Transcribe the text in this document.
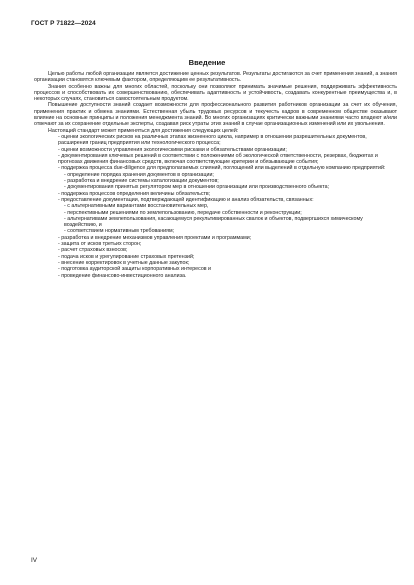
ГОСТ Р 71822—2024
Введение

Целью работы любой организации является достижение ценных результатов. Результаты достигаются за счет применения знаний, а знания организации становятся ключевым фактором, определяющим ее результативность.

Знания особенно важны для многих областей, поскольку они позволяют принимать значимые решения, поддерживать эффективность процессов и способствовать их совершенствованию, обеспечивать адаптивность и устойчивость, создавать конкурентные преимущества и, в некоторых случаях, становиться самостоятельным продуктом.

Повышение доступности знаний создает возможности для профессионального развития работников организации за счет их обучения, применения практик и обмена знаниями. Естественная убыль трудовых ресурсов и текучесть кадров в современном обществе оказывают влияние на основные принципы и положения менеджмента знаний. Во многих организациях критически важными знаниями часто владеют и/или отвечают за их сохранение отдельные эксперты, создавая риск утраты этих знаний в случае организационных изменений или их увольнения.

Настоящий стандарт может применяться для достижения следующих целей:

- оценки экологических рисков на различных этапах жизненного цикла, например в отношении разрешительных документов, расширения границ предприятия или технологического процесса;

- оценки возможности управления экологическими рисками и обязательствами организации;

- документирования ключевых решений в соответствии с положениями об экологической ответственности, резервах, бюджетах и прогнозах движения финансовых средств, включая соответствующие критерии и обязывающие события;

- поддержка процесса due-diligence для предполагаемых слияний, поглощений или выделений в отдельную компанию предприятий:

- определение порядка хранения документов в организации;

- разработка и внедрение системы каталогизации документов;

- документирования принятых регулятором мер в отношении организации или производственного объекта;

- поддержка процессов определения величины обязательств;

- предоставление документации, подтверждающей идентификацию и анализ обязательств, связанных:

- с альтернативными вариантами восстановительных мер,

- перспективными решениями по землепользованию, передаче собственности и реконструкции;

- альтернативами землепользования, касающемуся рекультивированных свалок и объектов, подвергшихся химическому воздействию, и

- соответствием нормативным требованиям;

- разработка и внедрение механизмов управления проектами и программами;

- защита от исков третьих сторон;

- расчет страховых взносов;

- подача исков и урегулирование страховых претензий;

- внесение корректировок в учетные данные закупок;

- подготовка аудиторской защиты корпоративных интересов и

- проведение финансово-инвестиционного анализа.

IV
